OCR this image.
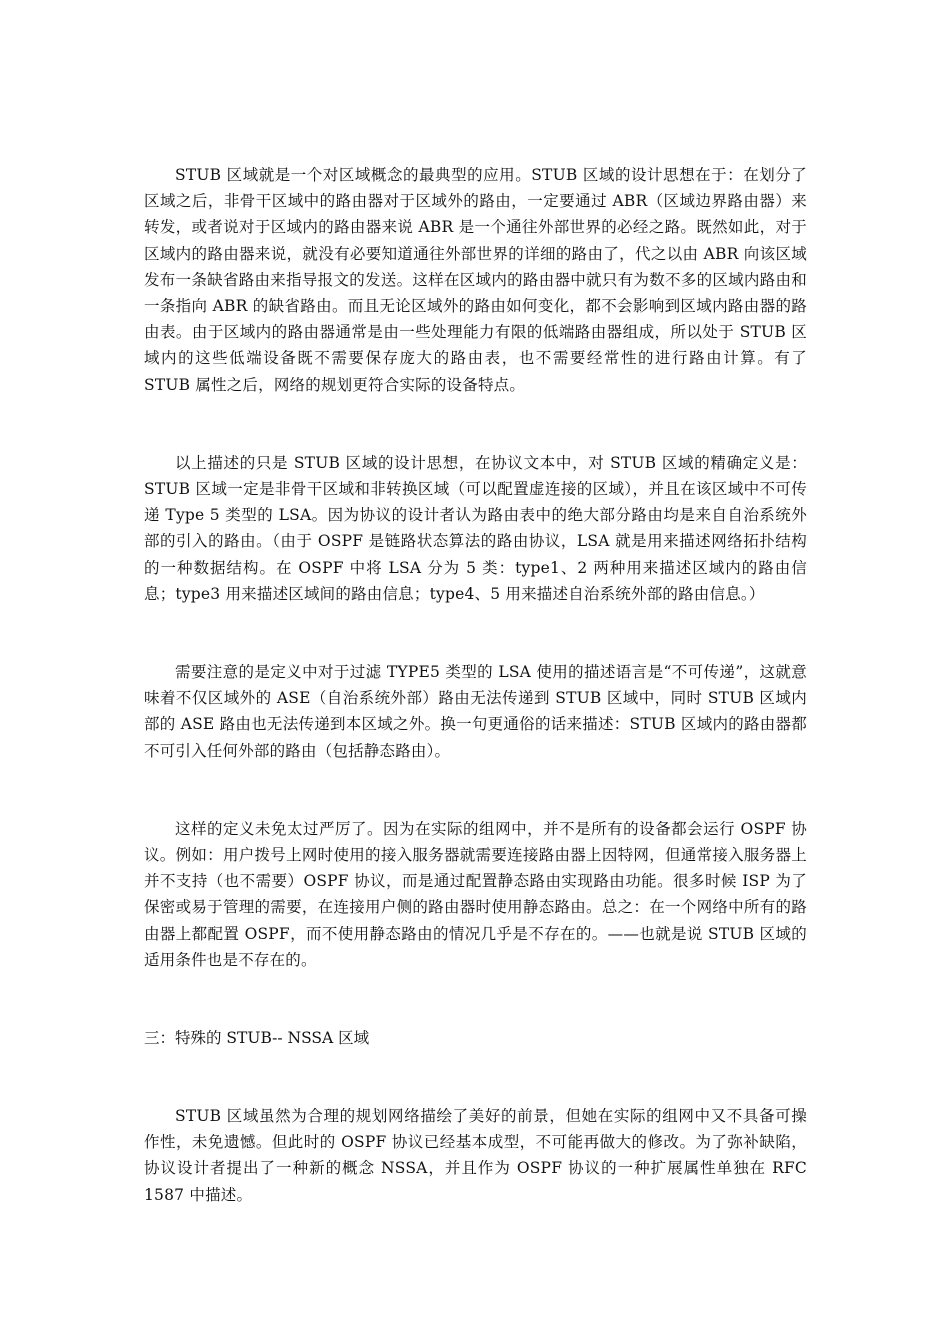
STUB 区域就是一个对区域概念的最典型的应用。STUB 区域的设计思想在于：在划分了区域之后，非骨干区域中的路由器对于区域外的路由，一定要通过 ABR（区域边界路由器）来转发，或者说对于区域内的路由器来说 ABR 是一个通往外部世界的必经之路。既然如此，对于区域内的路由器来说，就没有必要知道通往外部世界的详细的路由了，代之以由 ABR 向该区域发布一条缺省路由来指导报文的发送。这样在区域内的路由器中就只有为数不多的区域内路由和一条指向 ABR 的缺省路由。而且无论区域外的路由如何变化，都不会影响到区域内路由器的路由表。由于区域内的路由器通常是由一些处理能力有限的低端路由器组成，所以处于 STUB 区域内的这些低端设备既不需要保存庞大的路由表，也不需要经常性的进行路由计算。有了 STUB 属性之后，网络的规划更符合实际的设备特点。

以上描述的只是 STUB 区域的设计思想，在协议文本中，对 STUB 区域的精确定义是：STUB 区域一定是非骨干区域和非转换区域（可以配置虚连接的区域），并且在该区域中不可传递 Type 5 类型的 LSA。因为协议的设计者认为路由表中的绝大部分路由均是来自自治系统外部的引入的路由。（由于 OSPF 是链路状态算法的路由协议，LSA 就是用来描述网络拓扑结构的一种数据结构。在 OSPF 中将 LSA 分为 5 类：type1、2 两种用来描述区域内的路由信息；type3 用来描述区域间的路由信息；type4、5 用来描述自治系统外部的路由信息。）

需要注意的是定义中对于过滤 TYPE5 类型的 LSA 使用的描述语言是“不可传递”，这就意味着不仅区域外的 ASE（自治系统外部）路由无法传递到 STUB 区域中，同时 STUB 区域内部的 ASE 路由也无法传递到本区域之外。换一句更通俗的话来描述：STUB 区域内的路由器都不可引入任何外部的路由（包括静态路由）。

这样的定义未免太过严厉了。因为在实际的组网中，并不是所有的设备都会运行 OSPF 协议。例如：用户拨号上网时使用的接入服务器就需要连接路由器上因特网，但通常接入服务器上并不支持（也不需要）OSPF 协议，而是通过配置静态路由实现路由功能。很多时候 ISP 为了保密或易于管理的需要，在连接用户侧的路由器时使用静态路由。总之：在一个网络中所有的路由器上都配置 OSPF，而不使用静态路由的情况几乎是不存在的。——也就是说 STUB 区域的适用条件也是不存在的。

三：特殊的 STUB-- NSSA 区域

STUB 区域虽然为合理的规划网络描绘了美好的前景，但她在实际的组网中又不具备可操作性，未免遗憾。但此时的 OSPF 协议已经基本成型，不可能再做大的修改。为了弥补缺陷，协议设计者提出了一种新的概念 NSSA，并且作为 OSPF 协议的一种扩展属性单独在 RFC 1587 中描述。
